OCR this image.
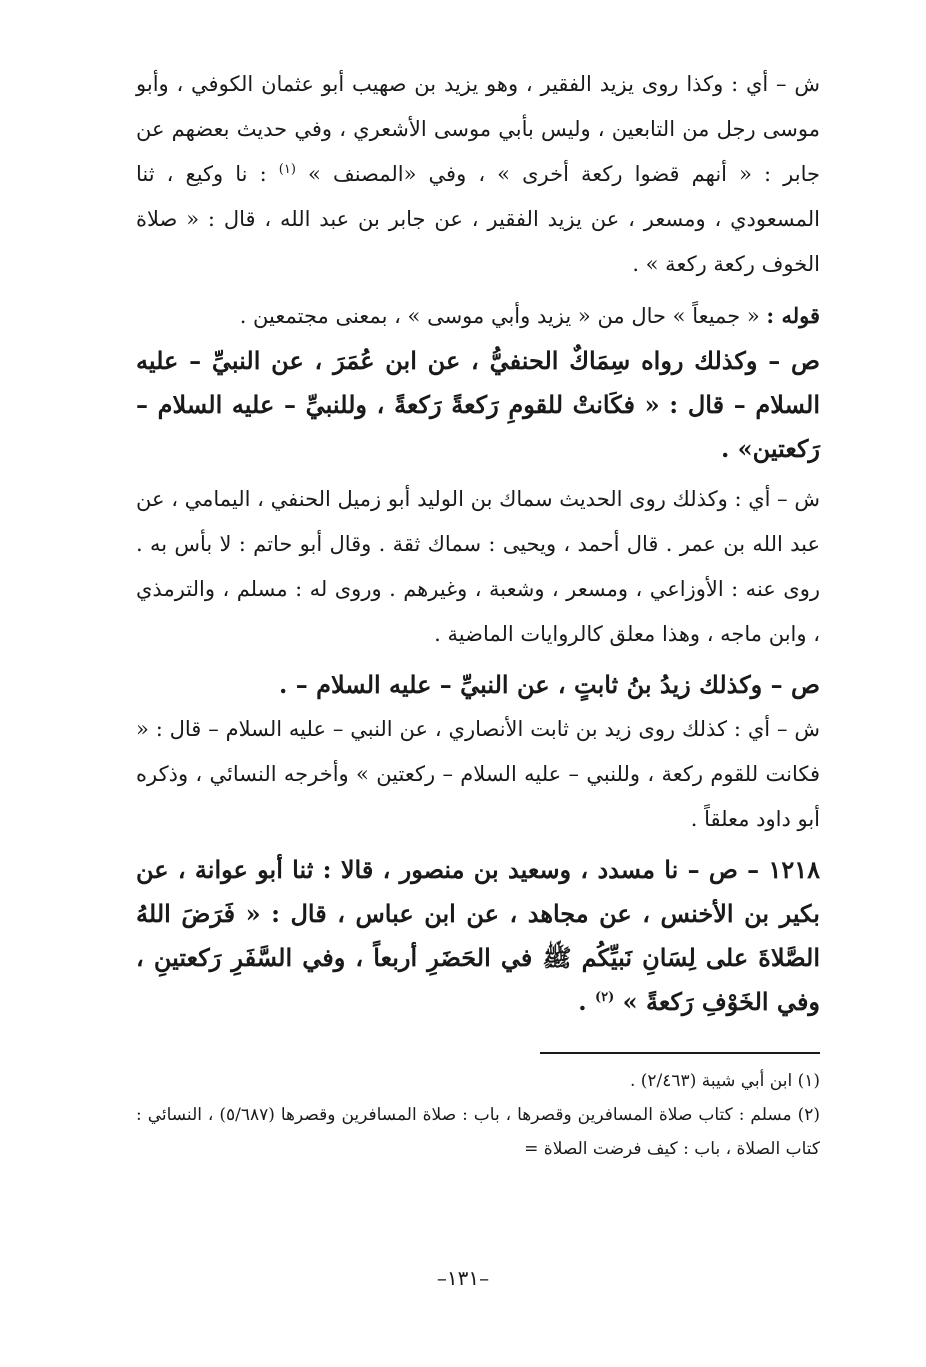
ش – أي : وكذا روى يزيد الفقير ، وهو يزيد بن صهيب أبو عثمان الكوفي ، وأبو موسى رجل من التابعين ، وليس بأبي موسى الأشعري ، وفي حديث بعضهم عن جابر : « أنهم قضوا ركعة أخرى » ، وفي «المصنف » $^{(١)}$ : نا وكيع ، ثنا المسعودي ، ومسعر ، عن يزيد الفقير ، عن جابر بن عبد الله ، قال : « صلاة الخوف ركعة ركعة » .

قوله : « جميعاً » حال من « يزيد وأبي موسى » ، بمعنى مجتمعين .

ص – وكذلك رواه سِمَاكٌ الحنفيُّ ، عن ابن عُمَرَ ، عن النبيِّ – عليه السلام – قال : « فكَانتْ للقومِ رَكعةً رَكعةً ، وللنبيِّ – عليه السلام – رَكعتين» .

ش – أي : وكذلك روى الحديث سماك بن الوليد أبو زميل الحنفي ، اليمامي ، عن عبد الله بن عمر . قال أحمد ، ويحيى : سماك ثقة . وقال أبو حاتم : لا بأس به . روى عنه : الأوزاعي ، ومسعر ، وشعبة ، وغيرهم . وروى له : مسلم ، والترمذي ، وابن ماجه ، وهذا معلق كالروايات الماضية .

ص – وكذلك زيدُ بنُ ثابتٍ ، عن النبيِّ – عليه السلام – .

ش – أي : كذلك روى زيد بن ثابت الأنصاري ، عن النبي – عليه السلام – قال : « فكانت للقوم ركعة ، وللنبي – عليه السلام – ركعتين » وأخرجه النسائي ، وذكره أبو داود معلقاً .

١٢١٨ – ص – نا مسدد ، وسعيد بن منصور ، قالا : ثنا أبو عوانة ، عن بكير بن الأخنس ، عن مجاهد ، عن ابن عباس ، قال : « فَرَضَ اللهُ الصَّلاةَ على لِسَانِ نَبيِّكُم ﷺ في الحَضَرِ أربعاً ، وفي السَّفَرِ رَكعتينِ ، وفي الخَوْفِ رَكعةً » $^{(٢)}$ .

(١) ابن أبي شيبة (٢/٤٦٣) .

(٢) مسلم : كتاب صلاة المسافرين وقصرها ، باب : صلاة المسافرين وقصرها (٥/٦٨٧) ، النسائي : كتاب الصلاة ، باب : كيف فرضت الصلاة =

–١٣١–
